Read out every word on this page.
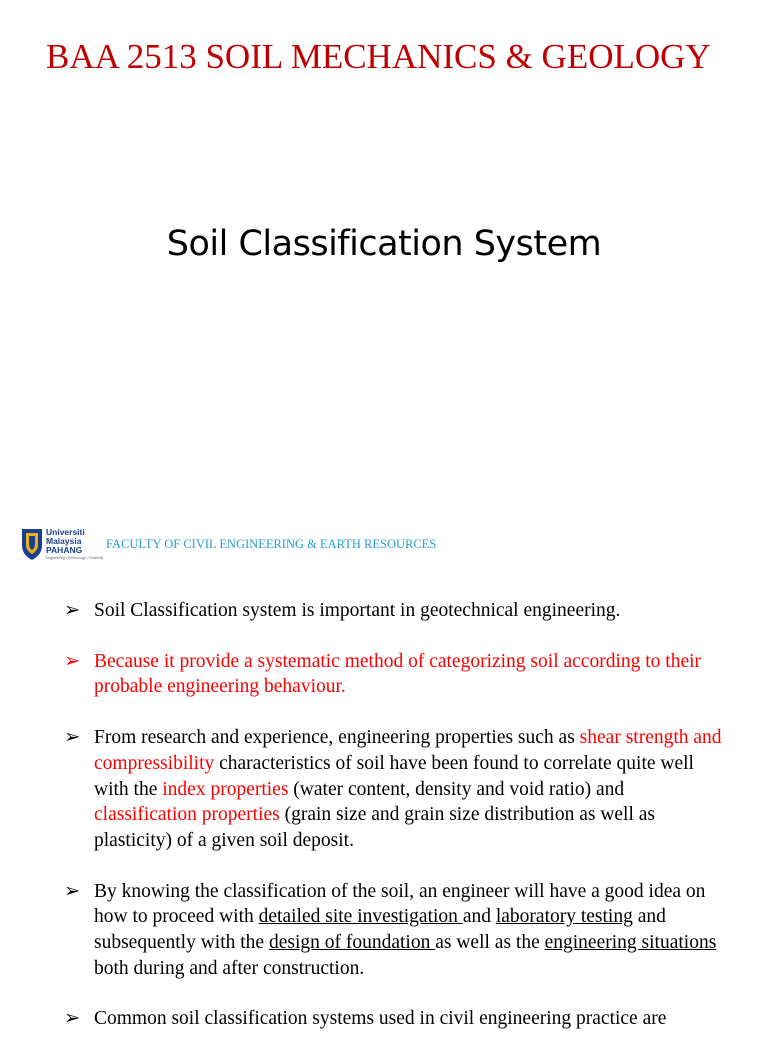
BAA 2513 SOIL MECHANICS & GEOLOGY
Soil Classification System
Universiti
Malaysia
PAHANG
Engineering • Technology • Creativity
FACULTY OF CIVIL ENGINEERING & EARTH RESOURCES
➢ Soil Classification system is important in geotechnical engineering.
➢ Because it provide a systematic method of categorizing soil according to their probable engineering behaviour.
➢ From research and experience, engineering properties such as shear strength and compressibility characteristics of soil have been found to correlate quite well with the index properties (water content, density and void ratio) and classification properties (grain size and grain size distribution as well as plasticity) of a given soil deposit.
➢ By knowing the classification of the soil, an engineer will have a good idea on how to proceed with detailed site investigation and laboratory testing and subsequently with the design of foundation as well as the engineering situations both during and after construction.
➢ Common soil classification systems used in civil engineering practice are
